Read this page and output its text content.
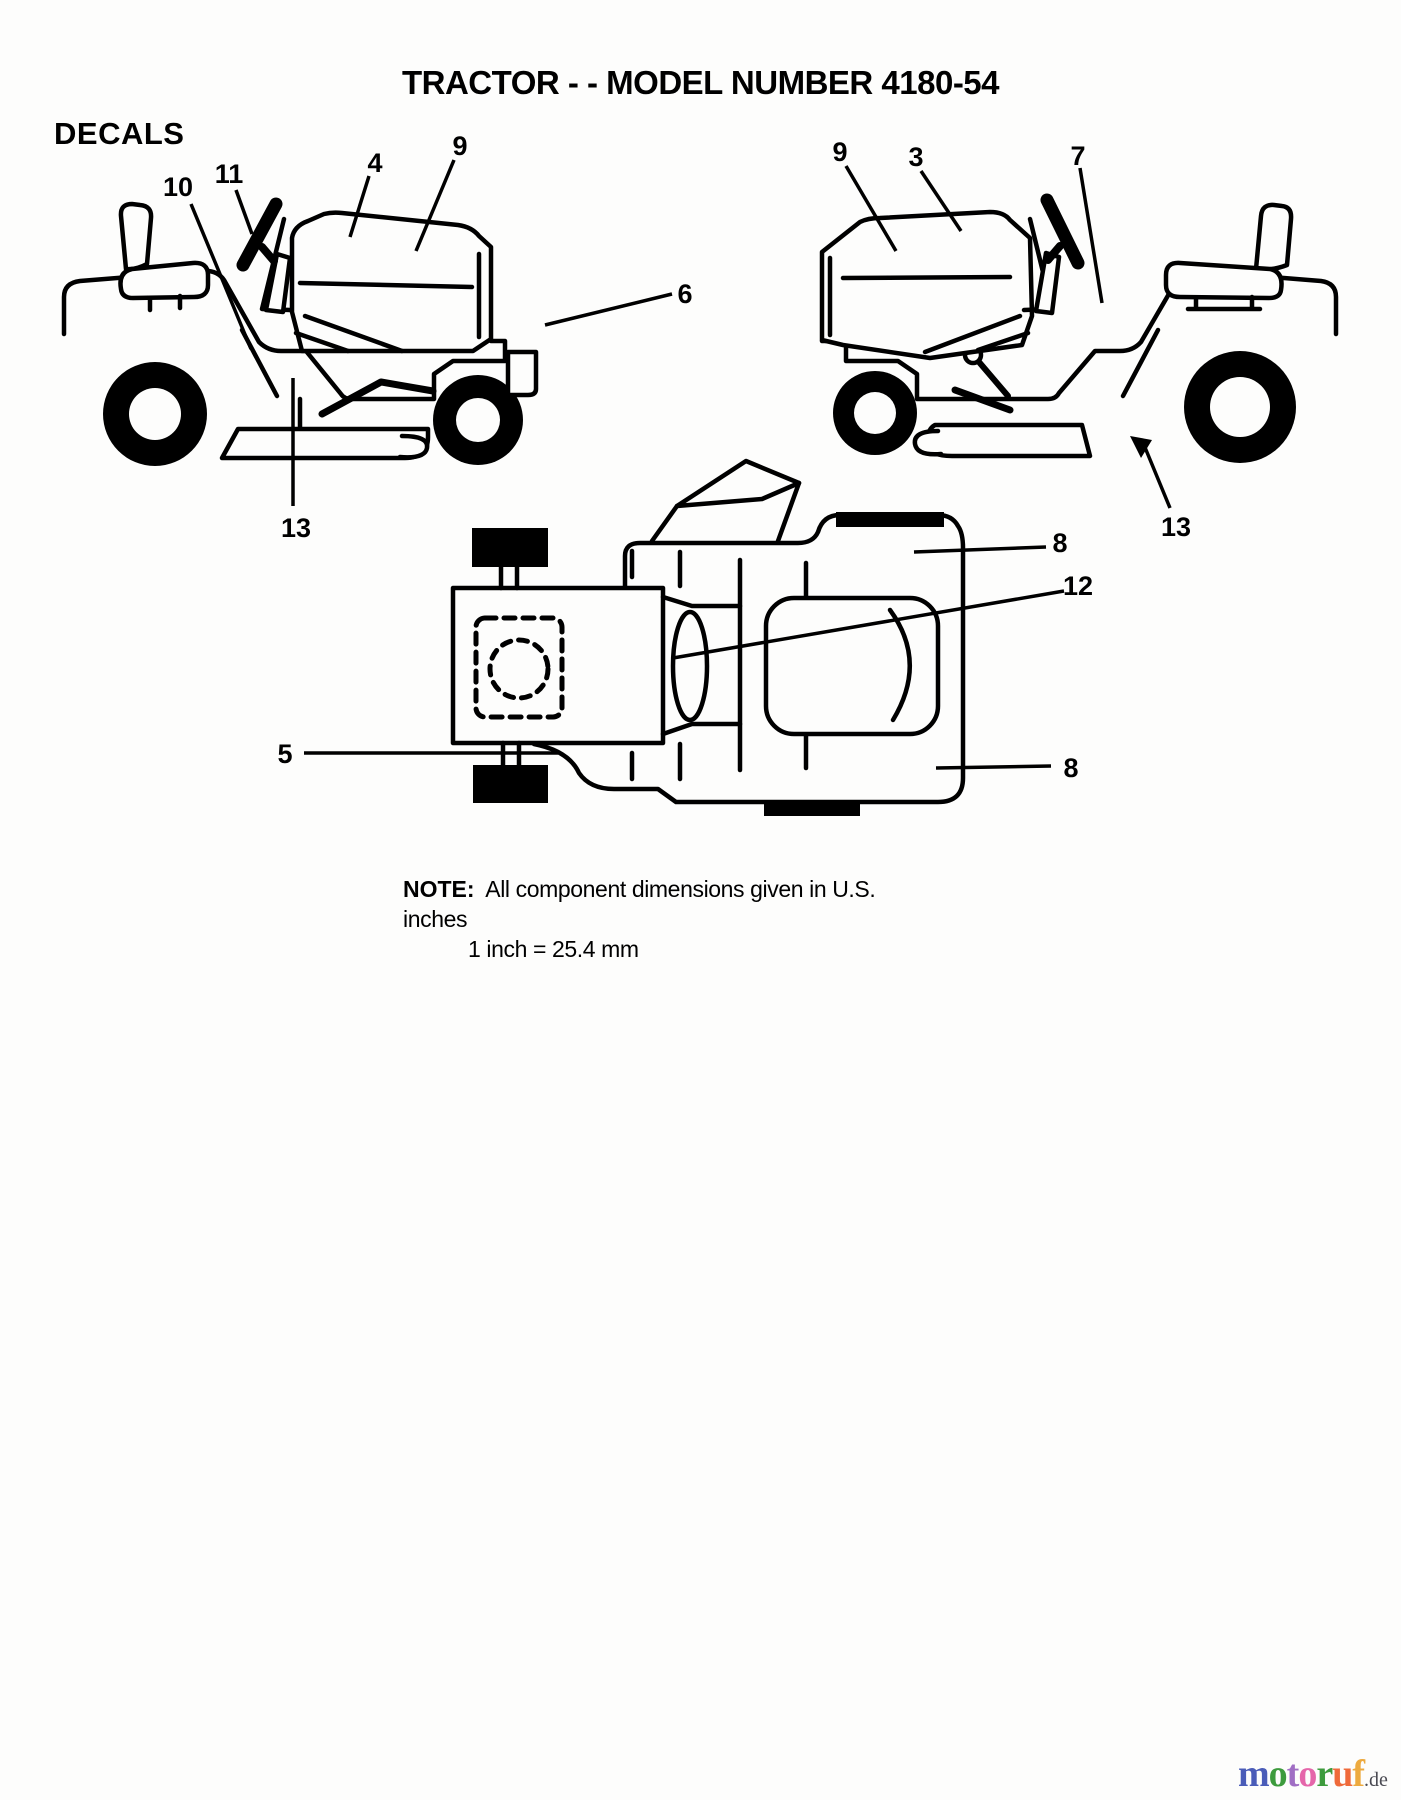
TRACTOR - - MODEL NUMBER 4180-54
DECALS
10 11	4
9
6
13
9 3	7
13
8
12
5	8
NOTE: All component dimensions given in U.S. inches
1 inch = 25.4 mm
motoruf.de
